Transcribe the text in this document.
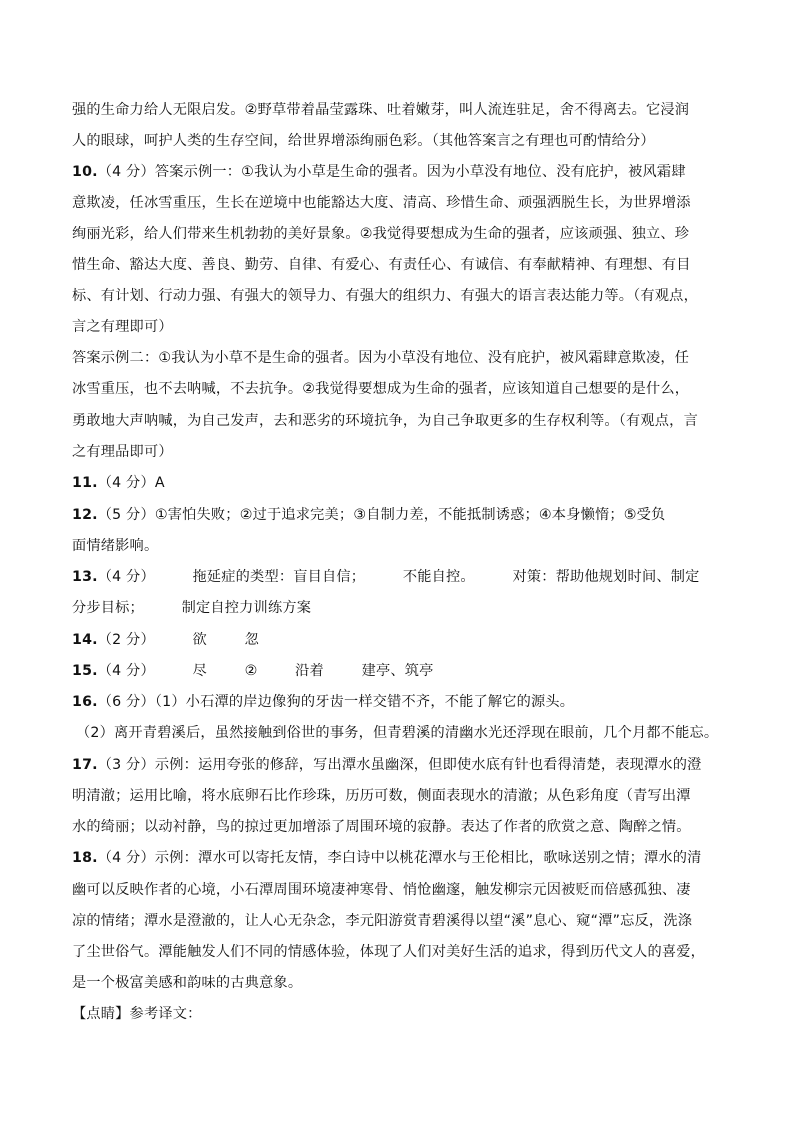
强的生命力给人无限启发。②野草带着晶莹露珠、吐着嫩芽，叫人流连驻足，舍不得离去。它浸润
人的眼球，呵护人类的生存空间，给世界增添绚丽色彩。（其他答案言之有理也可酌情给分）
10.（4 分）答案示例一：①我认为小草是生命的强者。因为小草没有地位、没有庇护，被风霜肆
意欺凌，任冰雪重压，生长在逆境中也能豁达大度、清高、珍惜生命、顽强洒脱生长，为世界增添
绚丽光彩，给人们带来生机勃勃的美好景象。②我觉得要想成为生命的强者，应该顽强、独立、珍
惜生命、豁达大度、善良、勤劳、自律、有爱心、有责任心、有诚信、有奉献精神、有理想、有目
标、有计划、行动力强、有强大的领导力、有强大的组织力、有强大的语言表达能力等。（有观点，
言之有理即可）
答案示例二：①我认为小草不是生命的强者。因为小草没有地位、没有庇护，被风霜肆意欺凌，任
冰雪重压，也不去呐喊，不去抗争。②我觉得要想成为生命的强者，应该知道自己想要的是什么，
勇敢地大声呐喊，为自己发声，去和恶劣的环境抗争，为自己争取更多的生存权利等。（有观点，言
之有理品即可）
11.（4 分）A
12.（5 分）①害怕失败；②过于追求完美；③自制力差，不能抵制诱惑；④本身懒惰；⑤受负
面情绪影响。
13.（4 分）        拖延症的类型：盲目自信；        不能自控。        对策：帮助他规划时间、制定
分步目标；        制定自控力训练方案
14.（2 分）        欲        忽
15.（4 分）        尽        ②        沿着        建亭、筑亭
16.（6 分）（1）小石潭的岸边像狗的牙齿一样交错不齐，不能了解它的源头。
（2）离开青碧溪后，虽然接触到俗世的事务，但青碧溪的清幽水光还浮现在眼前，几个月都不能忘。
17.（3 分）示例：运用夸张的修辞，写出潭水虽幽深，但即使水底有针也看得清楚，表现潭水的澄
明清澈；运用比喻，将水底卵石比作珍珠，历历可数，侧面表现水的清澈；从色彩角度（青写出潭
水的绮丽；以动衬静，鸟的掠过更加增添了周围环境的寂静。表达了作者的欣赏之意、陶醉之情。
18.（4 分）示例：潭水可以寄托友情，李白诗中以桃花潭水与王伦相比，歌咏送别之情；潭水的清
幽可以反映作者的心境，小石潭周围环境凄神寒骨、悄怆幽邃，触发柳宗元因被贬而倍感孤独、凄
凉的情绪；潭水是澄澈的，让人心无杂念，李元阳游赏青碧溪得以望“溪”息心、窥“潭”忘反，洗涤
了尘世俗气。潭能触发人们不同的情感体验，体现了人们对美好生活的追求，得到历代文人的喜爱，
是一个极富美感和韵味的古典意象。
【点睛】参考译文：
